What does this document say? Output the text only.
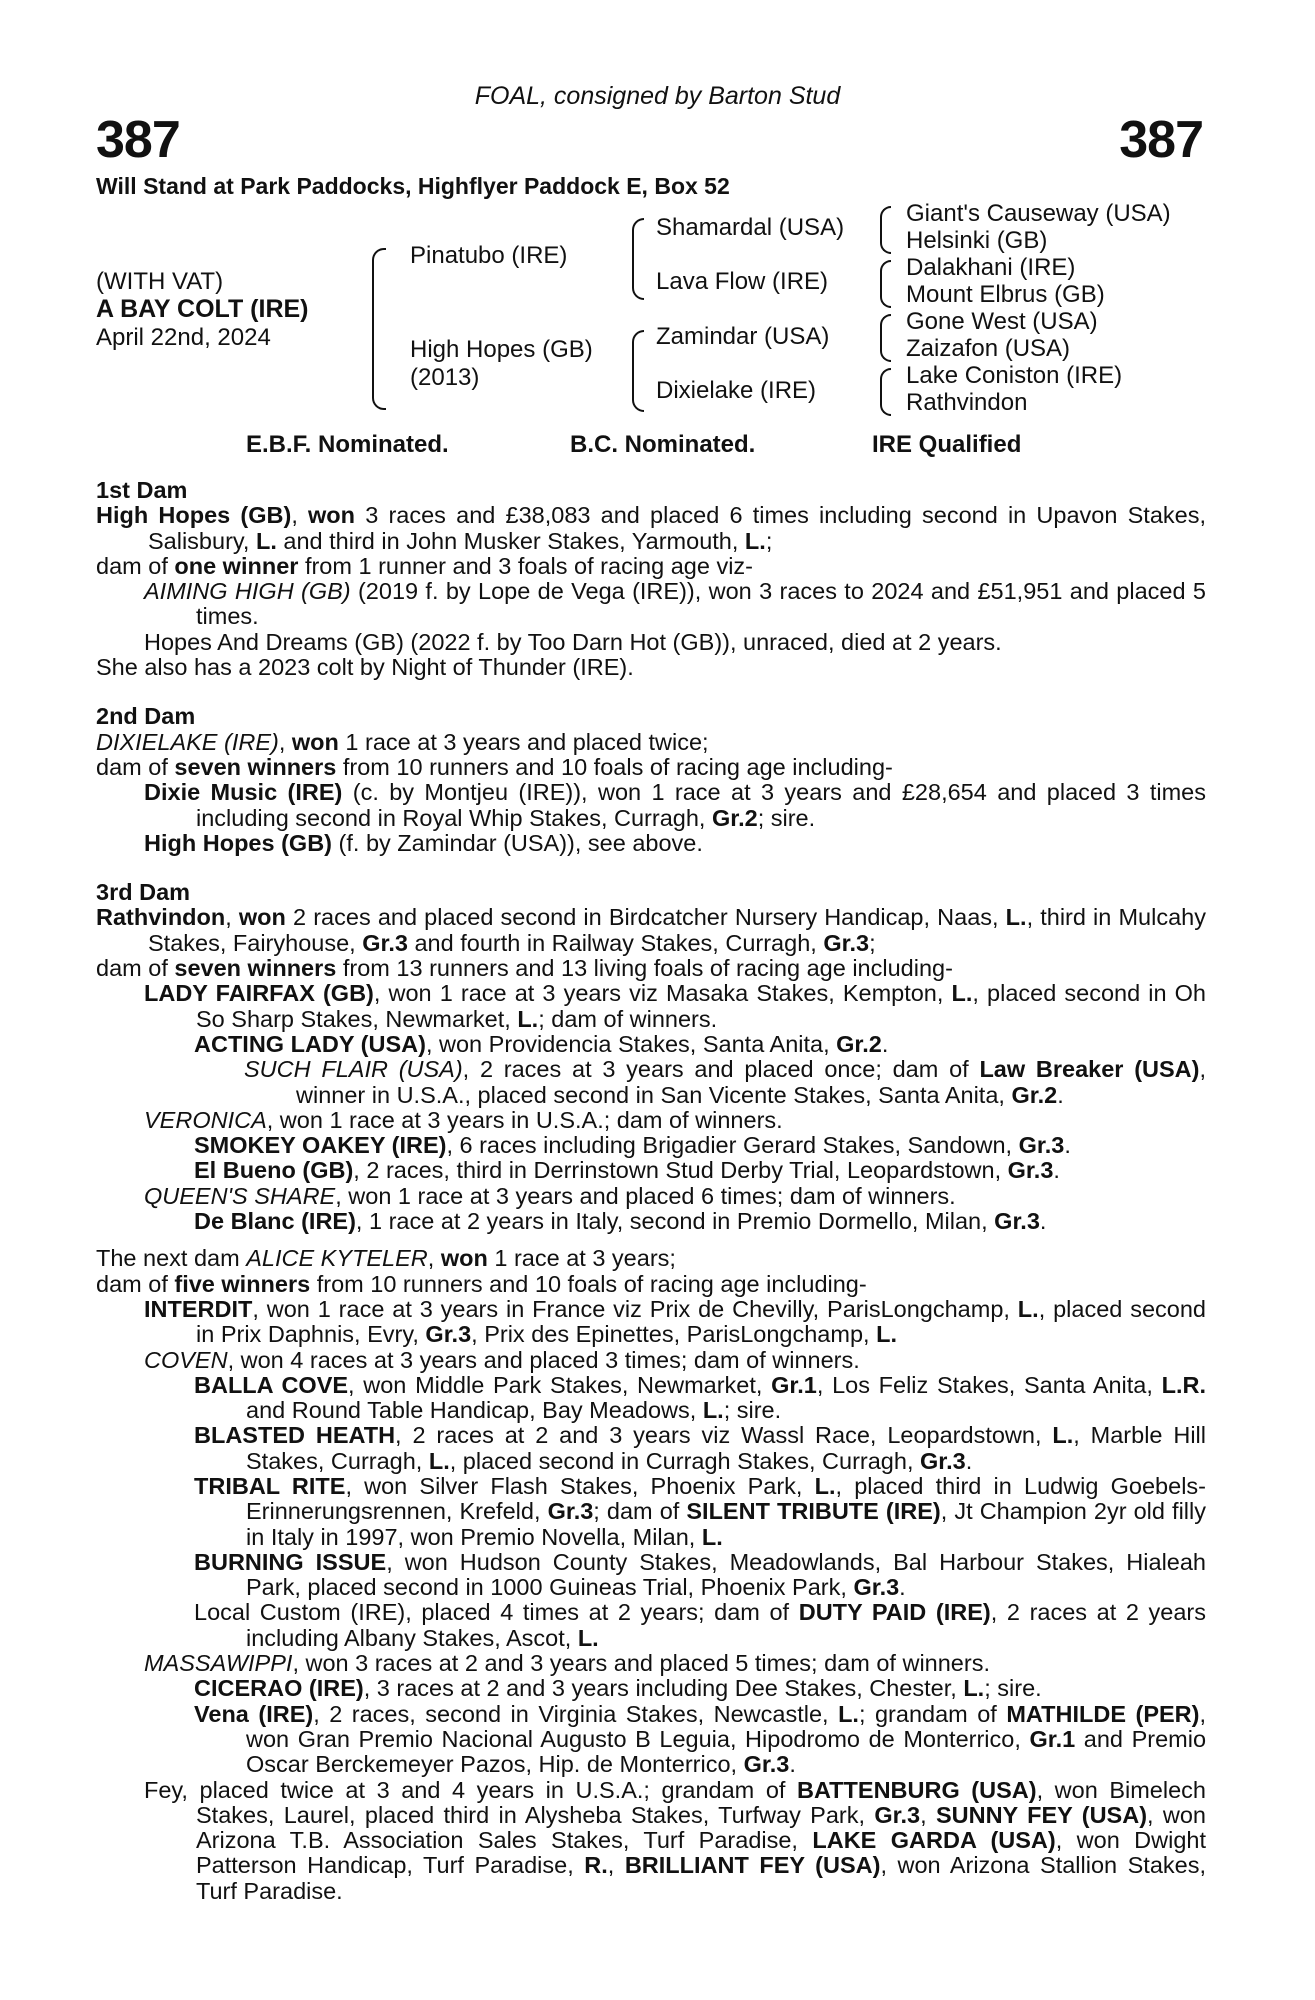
387	387
FOAL, consigned by Barton Stud
Will Stand at Park Paddocks, Highflyer Paddock E, Box 52
(WITH VAT)
A BAY COLT (IRE)
April 22nd, 2024
Pinatubo (IRE)
High Hopes (GB)
(2013)
Shamardal (USA)
Lava Flow (IRE)
Zamindar (USA)
Dixielake (IRE)
Giant's Causeway (USA)
Helsinki (GB)
Dalakhani (IRE)
Mount Elbrus (GB)
Gone West (USA)
Zaizafon (USA)
Lake Coniston (IRE)
Rathvindon
E.B.F. Nominated.	B.C. Nominated.	IRE Qualified
1st Dam

High Hopes (GB), won 3 races and £38,083 and placed 6 times including second in Upavon Stakes, Salisbury, L. and third in John Musker Stakes, Yarmouth, L.;

dam of one winner from 1 runner and 3 foals of racing age viz-

AIMING HIGH (GB) (2019 f. by Lope de Vega (IRE)), won 3 races to 2024 and £51,951 and placed 5 times.

Hopes And Dreams (GB) (2022 f. by Too Darn Hot (GB)), unraced, died at 2 years.

She also has a 2023 colt by Night of Thunder (IRE).

2nd Dam

DIXIELAKE (IRE), won 1 race at 3 years and placed twice;

dam of seven winners from 10 runners and 10 foals of racing age including-

Dixie Music (IRE) (c. by Montjeu (IRE)), won 1 race at 3 years and £28,654 and placed 3 times including second in Royal Whip Stakes, Curragh, Gr.2; sire.

High Hopes (GB) (f. by Zamindar (USA)), see above.

3rd Dam

Rathvindon, won 2 races and placed second in Birdcatcher Nursery Handicap, Naas, L., third in Mulcahy Stakes, Fairyhouse, Gr.3 and fourth in Railway Stakes, Curragh, Gr.3;

dam of seven winners from 13 runners and 13 living foals of racing age including-

LADY FAIRFAX (GB), won 1 race at 3 years viz Masaka Stakes, Kempton, L., placed second in Oh So Sharp Stakes, Newmarket, L.; dam of winners.

ACTING LADY (USA), won Providencia Stakes, Santa Anita, Gr.2.

SUCH FLAIR (USA), 2 races at 3 years and placed once; dam of Law Breaker (USA), winner in U.S.A., placed second in San Vicente Stakes, Santa Anita, Gr.2.

VERONICA, won 1 race at 3 years in U.S.A.; dam of winners.

SMOKEY OAKEY (IRE), 6 races including Brigadier Gerard Stakes, Sandown, Gr.3.

El Bueno (GB), 2 races, third in Derrinstown Stud Derby Trial, Leopardstown, Gr.3.

QUEEN'S SHARE, won 1 race at 3 years and placed 6 times; dam of winners.

De Blanc (IRE), 1 race at 2 years in Italy, second in Premio Dormello, Milan, Gr.3.

The next dam ALICE KYTELER, won 1 race at 3 years;

dam of five winners from 10 runners and 10 foals of racing age including-

INTERDIT, won 1 race at 3 years in France viz Prix de Chevilly, ParisLongchamp, L., placed second in Prix Daphnis, Evry, Gr.3, Prix des Epinettes, ParisLongchamp, L.

COVEN, won 4 races at 3 years and placed 3 times; dam of winners.

BALLA COVE, won Middle Park Stakes, Newmarket, Gr.1, Los Feliz Stakes, Santa Anita, L.R. and Round Table Handicap, Bay Meadows, L.; sire.

BLASTED HEATH, 2 races at 2 and 3 years viz Wassl Race, Leopardstown, L., Marble Hill Stakes, Curragh, L., placed second in Curragh Stakes, Curragh, Gr.3.

TRIBAL RITE, won Silver Flash Stakes, Phoenix Park, L., placed third in Ludwig Goebels-Erinnerungsrennen, Krefeld, Gr.3; dam of SILENT TRIBUTE (IRE), Jt Champion 2yr old filly in Italy in 1997, won Premio Novella, Milan, L.

BURNING ISSUE, won Hudson County Stakes, Meadowlands, Bal Harbour Stakes, Hialeah Park, placed second in 1000 Guineas Trial, Phoenix Park, Gr.3.

Local Custom (IRE), placed 4 times at 2 years; dam of DUTY PAID (IRE), 2 races at 2 years including Albany Stakes, Ascot, L.

MASSAWIPPI, won 3 races at 2 and 3 years and placed 5 times; dam of winners.

CICERAO (IRE), 3 races at 2 and 3 years including Dee Stakes, Chester, L.; sire.

Vena (IRE), 2 races, second in Virginia Stakes, Newcastle, L.; grandam of MATHILDE (PER), won Gran Premio Nacional Augusto B Leguia, Hipodromo de Monterrico, Gr.1 and Premio Oscar Berckemeyer Pazos, Hip. de Monterrico, Gr.3.

Fey, placed twice at 3 and 4 years in U.S.A.; grandam of BATTENBURG (USA), won Bimelech Stakes, Laurel, placed third in Alysheba Stakes, Turfway Park, Gr.3, SUNNY FEY (USA), won Arizona T.B. Association Sales Stakes, Turf Paradise, LAKE GARDA (USA), won Dwight Patterson Handicap, Turf Paradise, R., BRILLIANT FEY (USA), won Arizona Stallion Stakes, Turf Paradise.
